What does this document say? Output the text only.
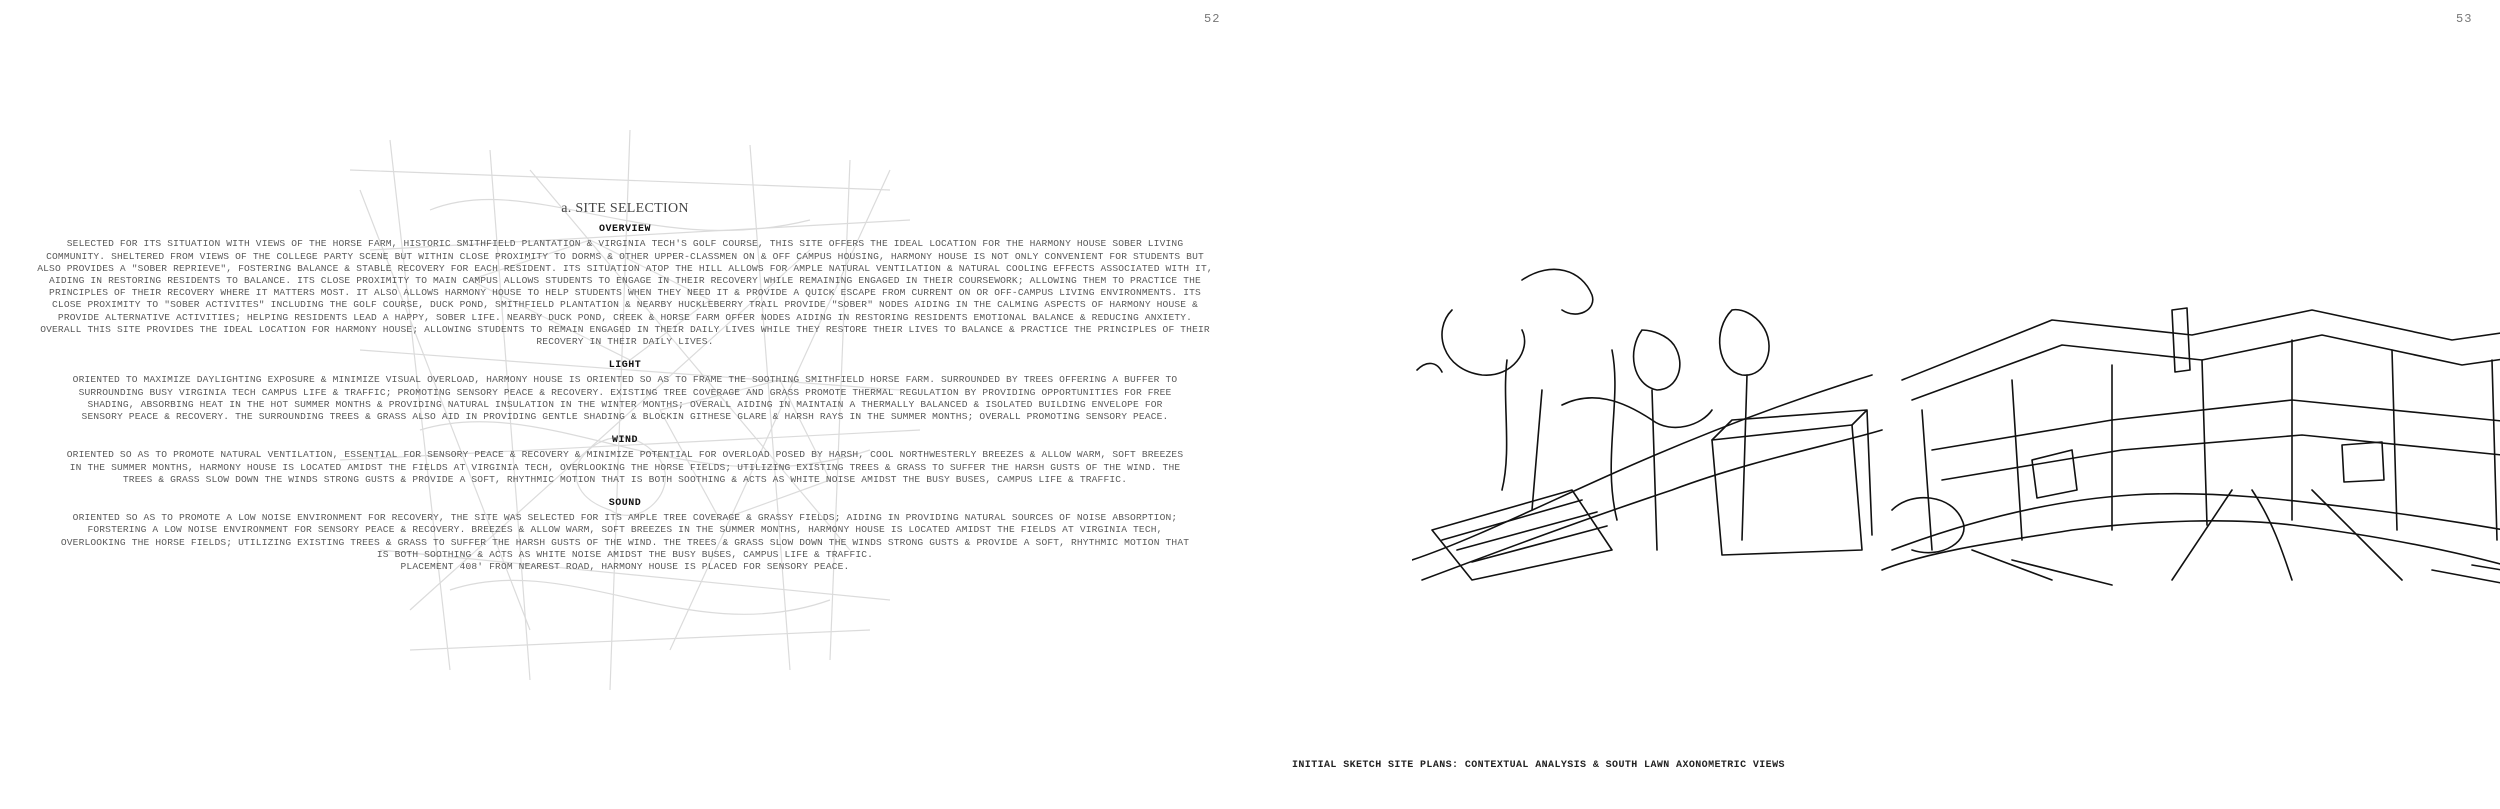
52
a. SITE SELECTION
OVERVIEW
SELECTED FOR ITS SITUATION WITH VIEWS OF THE HORSE FARM, HISTORIC SMITHFIELD PLANTATION & VIRGINIA TECH'S GOLF COURSE, THIS SITE OFFERS THE IDEAL LOCATION FOR THE HARMONY HOUSE SOBER LIVING COMMUNITY. SHELTERED FROM VIEWS OF THE COLLEGE PARTY SCENE BUT WITHIN CLOSE PROXIMITY TO DORMS & OTHER UPPER-CLASSMEN ON & OFF CAMPUS HOUSING, HARMONY HOUSE IS NOT ONLY CONVENIENT FOR STUDENTS BUT ALSO PROVIDES A "SOBER REPRIEVE", FOSTERING BALANCE & STABLE RECOVERY FOR EACH RESIDENT. ITS SITUATION ATOP THE HILL ALLOWS FOR AMPLE NATURAL VENTILATION & NATURAL COOLING EFFECTS ASSOCIATED WITH IT, AIDING IN RESTORING RESIDENTS TO BALANCE. ITS CLOSE PROXIMITY TO MAIN CAMPUS ALLOWS STUDENTS TO ENGAGE IN THEIR RECOVERY WHILE REMAINING ENGAGED IN THEIR COURSEWORK; ALLOWING THEM TO PRACTICE THE PRINCIPLES OF THEIR RECOVERY WHERE IT MATTERS MOST. IT ALSO ALLOWS HARMONY HOUSE TO HELP STUDENTS WHEN THEY NEED IT & PROVIDE A QUICK ESCAPE FROM CURRENT ON OR OFF-CAMPUS LIVING ENVIRONMENTS. ITS CLOSE PROXIMITY TO "SOBER ACTIVITES" INCLUDING THE GOLF COURSE, DUCK POND, SMITHFIELD PLANTATION & NEARBY HUCKLEBERRY TRAIL PROVIDE "SOBER" NODES AIDING IN THE CALMING ASPECTS OF HARMONY HOUSE & PROVIDE ALTERNATIVE ACTIVITIES; HELPING RESIDENTS LEAD A HAPPY, SOBER LIFE. NEARBY DUCK POND, CREEK & HORSE FARM OFFER NODES AIDING IN RESTORING RESIDENTS EMOTIONAL BALANCE & REDUCING ANXIETY. OVERALL THIS SITE PROVIDES THE IDEAL LOCATION FOR HARMONY HOUSE; ALLOWING STUDENTS TO REMAIN ENGAGED IN THEIR DAILY LIVES WHILE THEY RESTORE THEIR LIVES TO BALANCE & PRACTICE THE PRINCIPLES OF THEIR RECOVERY IN THEIR DAILY LIVES.
LIGHT
ORIENTED TO MAXIMIZE DAYLIGHTING EXPOSURE & MINIMIZE VISUAL OVERLOAD, HARMONY HOUSE IS ORIENTED SO AS TO FRAME THE SOOTHING SMITHFIELD HORSE FARM. SURROUNDED BY TREES OFFERING A BUFFER TO SURROUNDING BUSY VIRGINIA TECH CAMPUS LIFE & TRAFFIC; PROMOTING SENSORY PEACE & RECOVERY. EXISTING TREE COVERAGE AND GRASS PROMOTE THERMAL REGULATION BY PROVIDING OPPORTUNITIES FOR FREE SHADING, ABSORBING HEAT IN THE HOT SUMMER MONTHS & PROVIDING NATURAL INSULATION IN THE WINTER MONTHS; OVERALL AIDING IN MAINTAIN A THERMALLY BALANCED & ISOLATED BUILDING ENVELOPE FOR SENSORY PEACE & RECOVERY. THE SURROUNDING TREES & GRASS ALSO AID IN PROVIDING GENTLE SHADING & BLOCKIN GITHESE GLARE & HARSH RAYS IN THE SUMMER MONTHS; OVERALL PROMOTING SENSORY PEACE.
WIND
ORIENTED SO AS TO PROMOTE NATURAL VENTILATION, ESSENTIAL FOR SENSORY PEACE & RECOVERY & MINIMIZE POTENTIAL FOR OVERLOAD POSED BY HARSH, COOL NORTHWESTERLY BREEZES & ALLOW WARM, SOFT BREEZES IN THE SUMMER MONTHS, HARMONY HOUSE IS LOCATED AMIDST THE FIELDS AT VIRGINIA TECH, OVERLOOKING THE HORSE FIELDS; UTILIZING EXISTING TREES & GRASS TO SUFFER THE HARSH GUSTS OF THE WIND. THE TREES & GRASS SLOW DOWN THE WINDS STRONG GUSTS & PROVIDE A SOFT, RHYTHMIC MOTION THAT IS BOTH SOOTHING & ACTS AS WHITE NOISE AMIDST THE BUSY BUSES, CAMPUS LIFE & TRAFFIC.
SOUND
ORIENTED SO AS TO PROMOTE A LOW NOISE ENVIRONMENT FOR RECOVERY, THE SITE WAS SELECTED FOR ITS AMPLE TREE COVERAGE & GRASSY FIELDS; AIDING IN PROVIDING NATURAL SOURCES OF NOISE ABSORPTION; FORSTERING A LOW NOISE ENVIRONMENT FOR SENSORY PEACE & RECOVERY. BREEZES & ALLOW WARM, SOFT BREEZES IN THE SUMMER MONTHS, HARMONY HOUSE IS LOCATED AMIDST THE FIELDS AT VIRGINIA TECH, OVERLOOKING THE HORSE FIELDS; UTILIZING EXISTING TREES & GRASS TO SUFFER THE HARSH GUSTS OF THE WIND. THE TREES & GRASS SLOW DOWN THE WINDS STRONG GUSTS & PROVIDE A SOFT, RHYTHMIC MOTION THAT IS BOTH SOOTHING & ACTS AS WHITE NOISE AMIDST THE BUSY BUSES, CAMPUS LIFE & TRAFFIC.
PLACEMENT 408' FROM NEAREST ROAD, HARMONY HOUSE IS PLACED FOR SENSORY PEACE.
53
INITIAL SKETCH SITE PLANS: CONTEXTUAL ANALYSIS & SOUTH LAWN AXONOMETRIC VIEWS
